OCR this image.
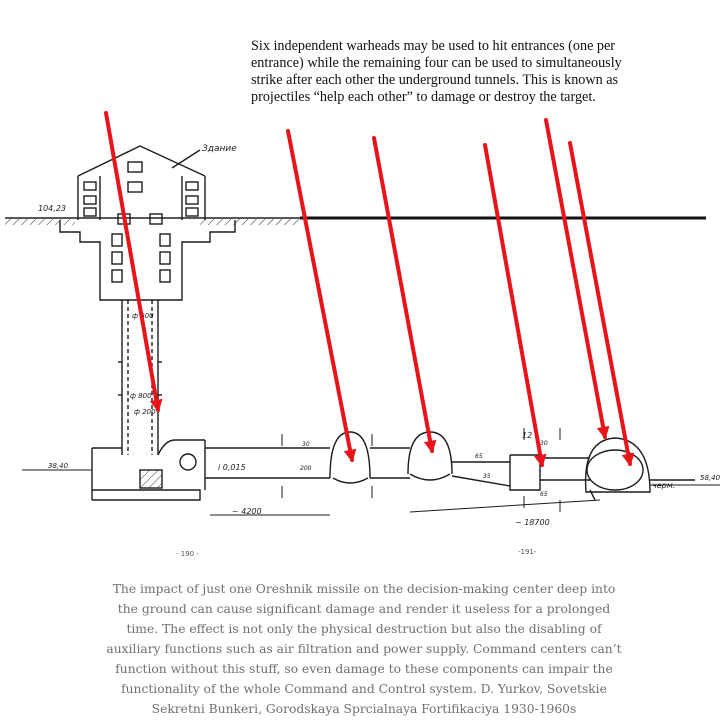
Здание
104,23
ф 600
ф 800
ф 200
38,40	і 0,015
~ 4200
~ 18700
черм.
58,40
30
200
65
35
65
30
12
- 190 -	-191-

Six independent warheads may be used to hit entrances (one per entrance) while the remaining four can be used to simultaneously strike after each other the underground tunnels. This is known as projectiles “help each other” to damage or destroy the target.

The impact of just one Oreshnik missile on the decision-making center deep into the ground can cause significant damage and render it useless for a prolonged time. The effect is not only the physical destruction but also the disabling of auxiliary functions such as air filtration and power supply. Command centers can’t function without this stuff, so even damage to these components can impair the functionality of the whole Command and Control system. D. Yurkov, Sovetskie Sekretni Bunkeri, Gorodskaya Sprcialnaya Fortifikaciya 1930-1960s
